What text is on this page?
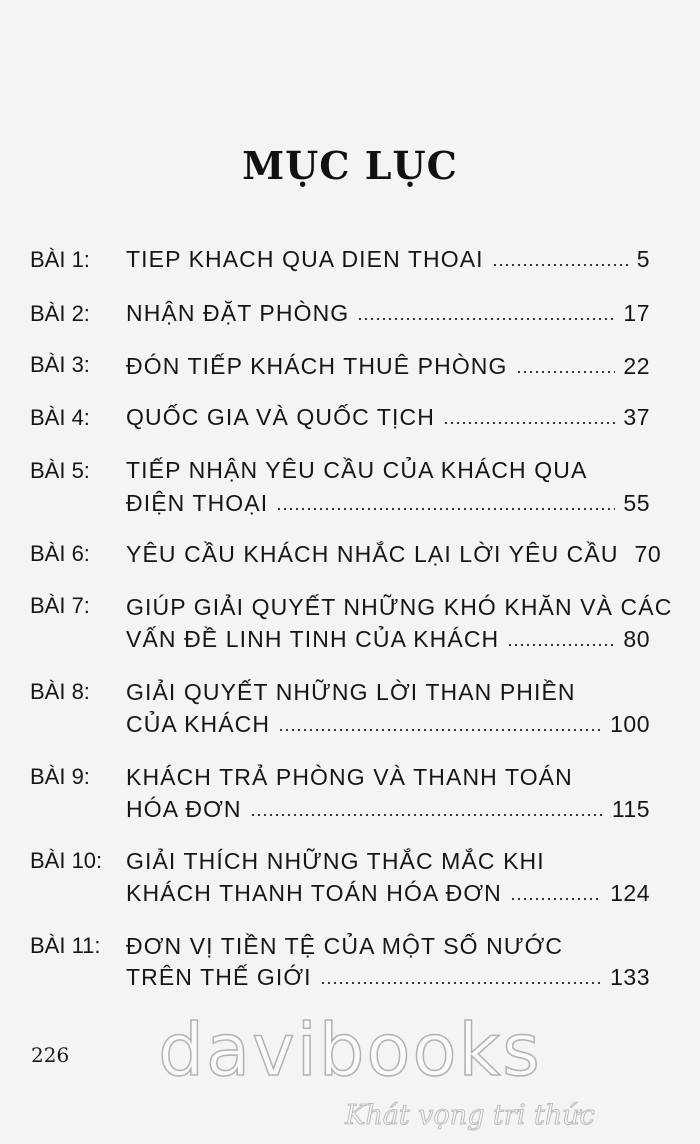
MỤC LỤC
BÀI 1: TIEP KHACH QUA DIEN THOAI	5
BÀI 2: NHẬN ĐẶT PHÒNG	17
BÀI 3: ĐÓN TIẾP KHÁCH THUÊ PHÒNG	22
BÀI 4: QUỐC GIA VÀ QUỐC TỊCH	37
BÀI 5: TIẾP NHẬN YÊU CẦU CỦA KHÁCH QUA
ĐIỆN THOẠI	55
BÀI 6: YÊU CẦU KHÁCH NHẮC LẠI LỜI YÊU CẦU 70
BÀI 7: GIÚP GIẢI QUYẾT NHỮNG KHÓ KHĂN VÀ CÁC
VẤN ĐỀ LINH TINH CỦA KHÁCH	80
BÀI 8: GIẢI QUYẾT NHỮNG LỜI THAN PHIỀN
CỦA KHÁCH	100
BÀI 9: KHÁCH TRẢ PHÒNG VÀ THANH TOÁN
HÓA ĐƠN	115
BÀI 10: GIẢI THÍCH NHỮNG THẮC MẮC KHI
KHÁCH THANH TOÁN HÓA ĐƠN	124
BÀI 11: ĐƠN VỊ TIỀN TỆ CỦA MỘT SỐ NƯỚC
TRÊN THẾ GIỚI	133
226	davibooks
Khát vọng tri thức
